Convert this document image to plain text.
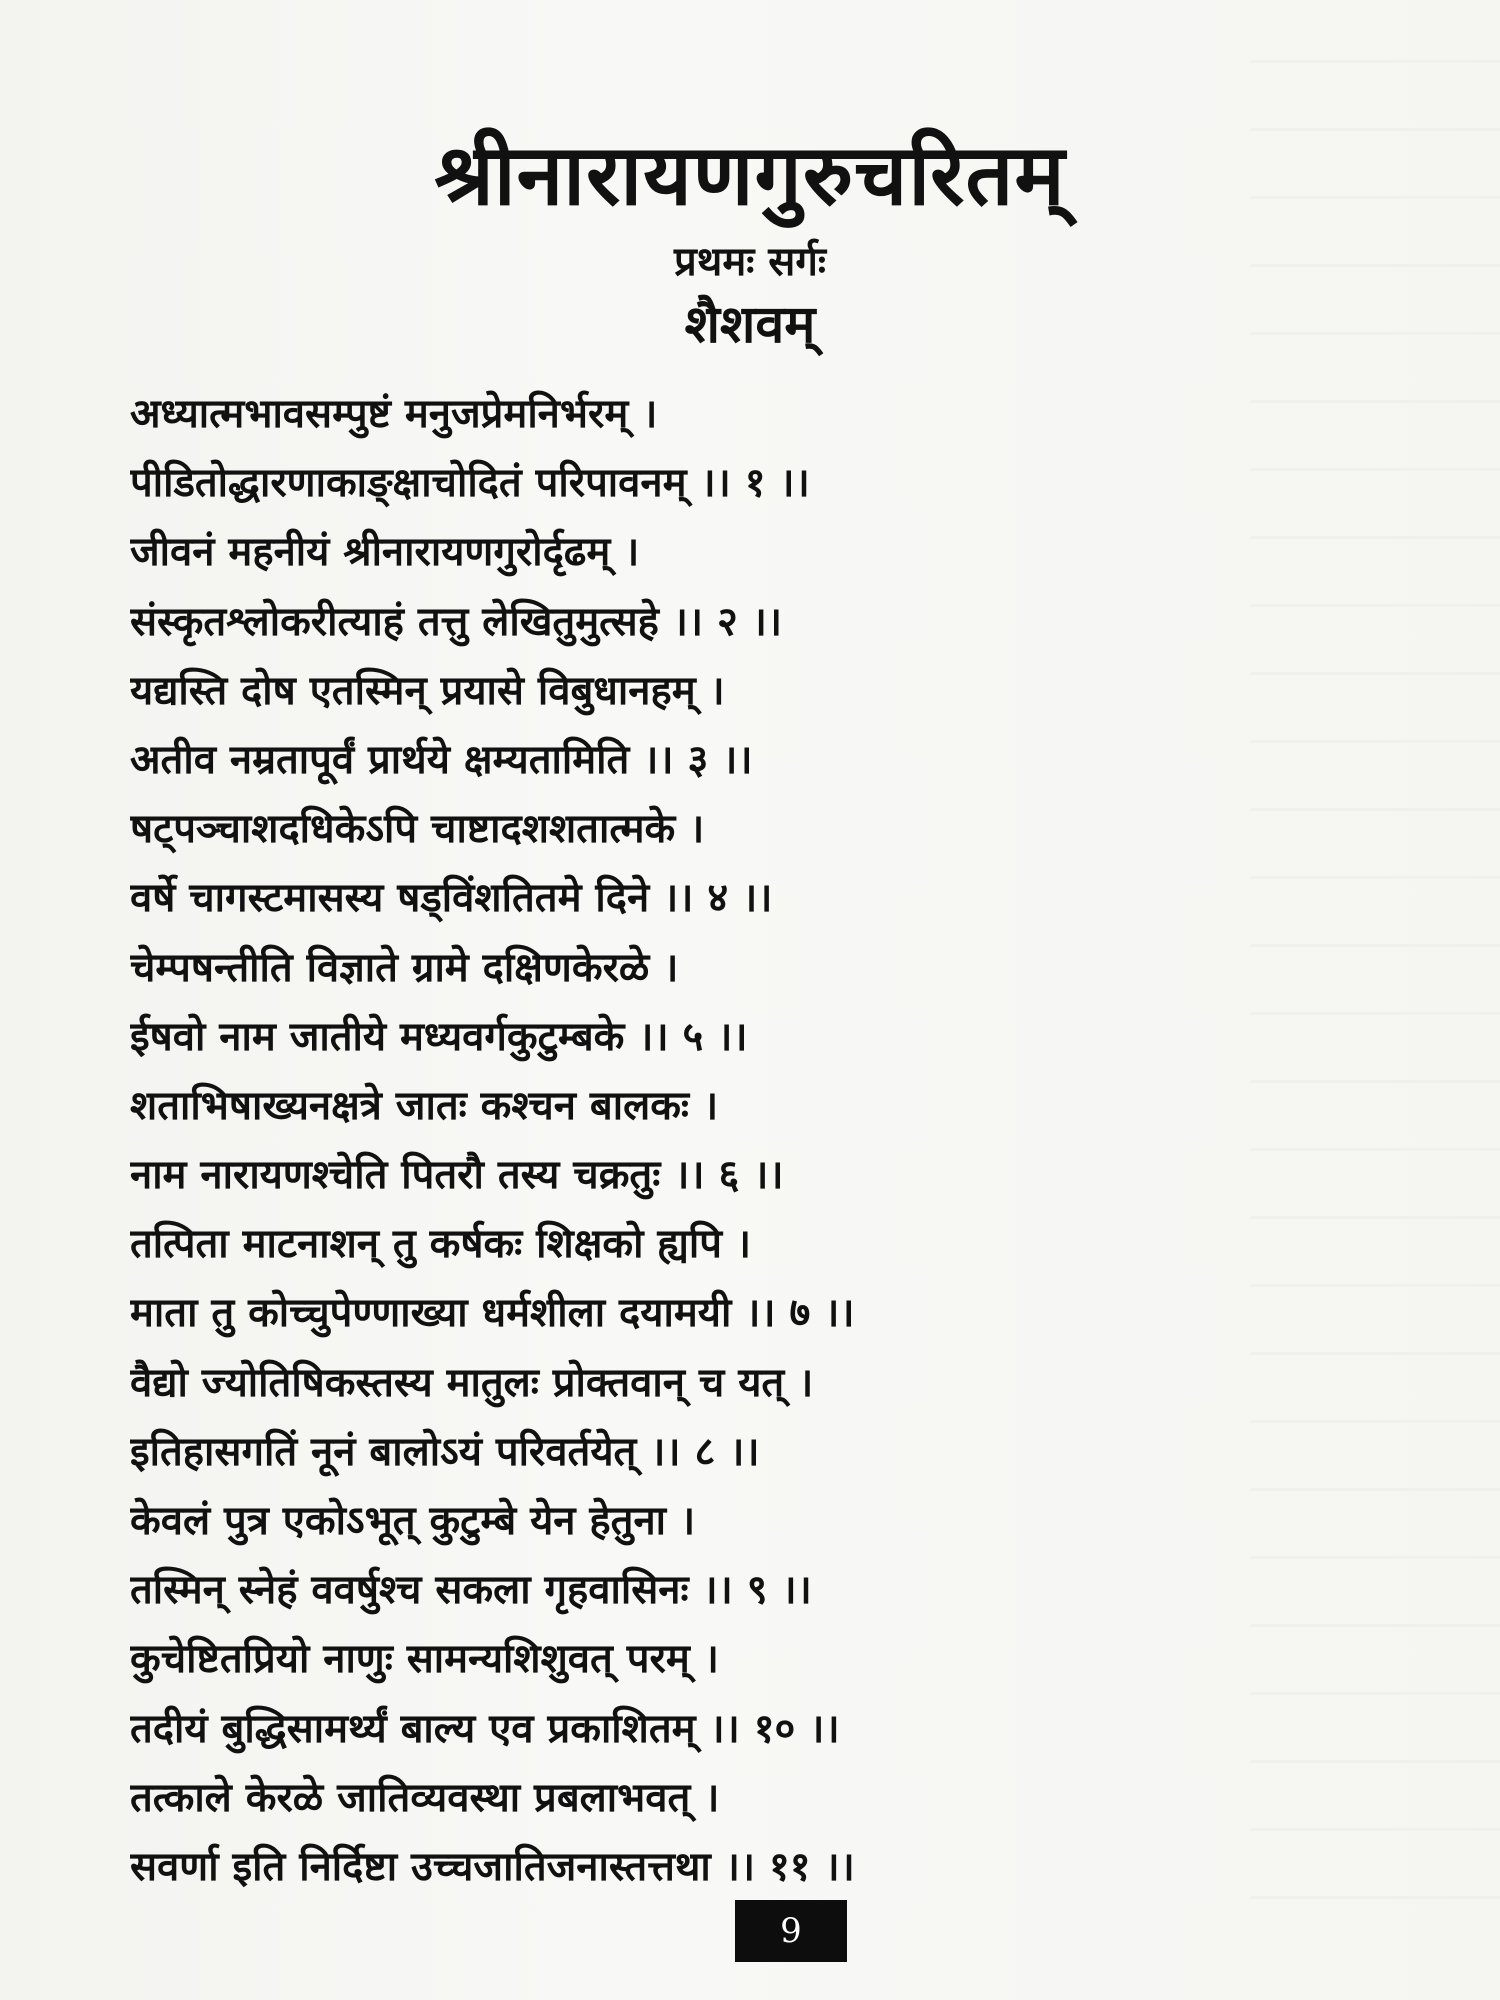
श्रीनारायणगुरुचरितम्
प्रथमः सर्गः
शैशवम्
अध्यात्मभावसम्पुष्टं मनुजप्रेमनिर्भरम् ।
पीडितोद्धारणाकाङ्क्षाचोदितं परिपावनम् ।। १ ।।
जीवनं महनीयं श्रीनारायणगुरोर्दृढम् ।
संस्कृतश्लोकरीत्याहं तत्तु लेखितुमुत्सहे ।। २ ।।
यद्यस्ति दोष एतस्मिन् प्रयासे विबुधानहम् ।
अतीव नम्रतापूर्वं प्रार्थये क्षम्यतामिति ।। ३ ।।
षट्पञ्चाशदधिकेऽपि चाष्टादशशतात्मके ।
वर्षे चागस्टमासस्य षड्विंशतितमे दिने ।। ४ ।।
चेम्पषन्तीति विज्ञाते ग्रामे दक्षिणकेरळे ।
ईषवो नाम जातीये मध्यवर्गकुटुम्बके ।। ५ ।।
शताभिषाख्यनक्षत्रे जातः कश्चन बालकः ।
नाम नारायणश्चेति पितरौ तस्य चक्रतुः ।। ६ ।।
तत्पिता माटनाशन् तु कर्षकः शिक्षको ह्यपि ।
माता तु कोच्चुपेण्णाख्या धर्मशीला दयामयी ।। ७ ।।
वैद्यो ज्योतिषिकस्तस्य मातुलः प्रोक्तवान् च यत् ।
इतिहासगतिं नूनं बालोऽयं परिवर्तयेत् ।। ८ ।।
केवलं पुत्र एकोऽभूत् कुटुम्बे येन हेतुना ।
तस्मिन् स्नेहं ववर्षुश्च सकला गृहवासिनः ।। ९ ।।
कुचेष्टितप्रियो नाणुः सामन्यशिशुवत् परम् ।
तदीयं बुद्धिसामर्थ्यं बाल्य एव प्रकाशितम् ।। १० ।।
तत्काले केरळे जातिव्यवस्था प्रबलाभवत् ।
सवर्णा इति निर्दिष्टा उच्चजातिजनास्तत्तथा ।। ११ ।।
9
